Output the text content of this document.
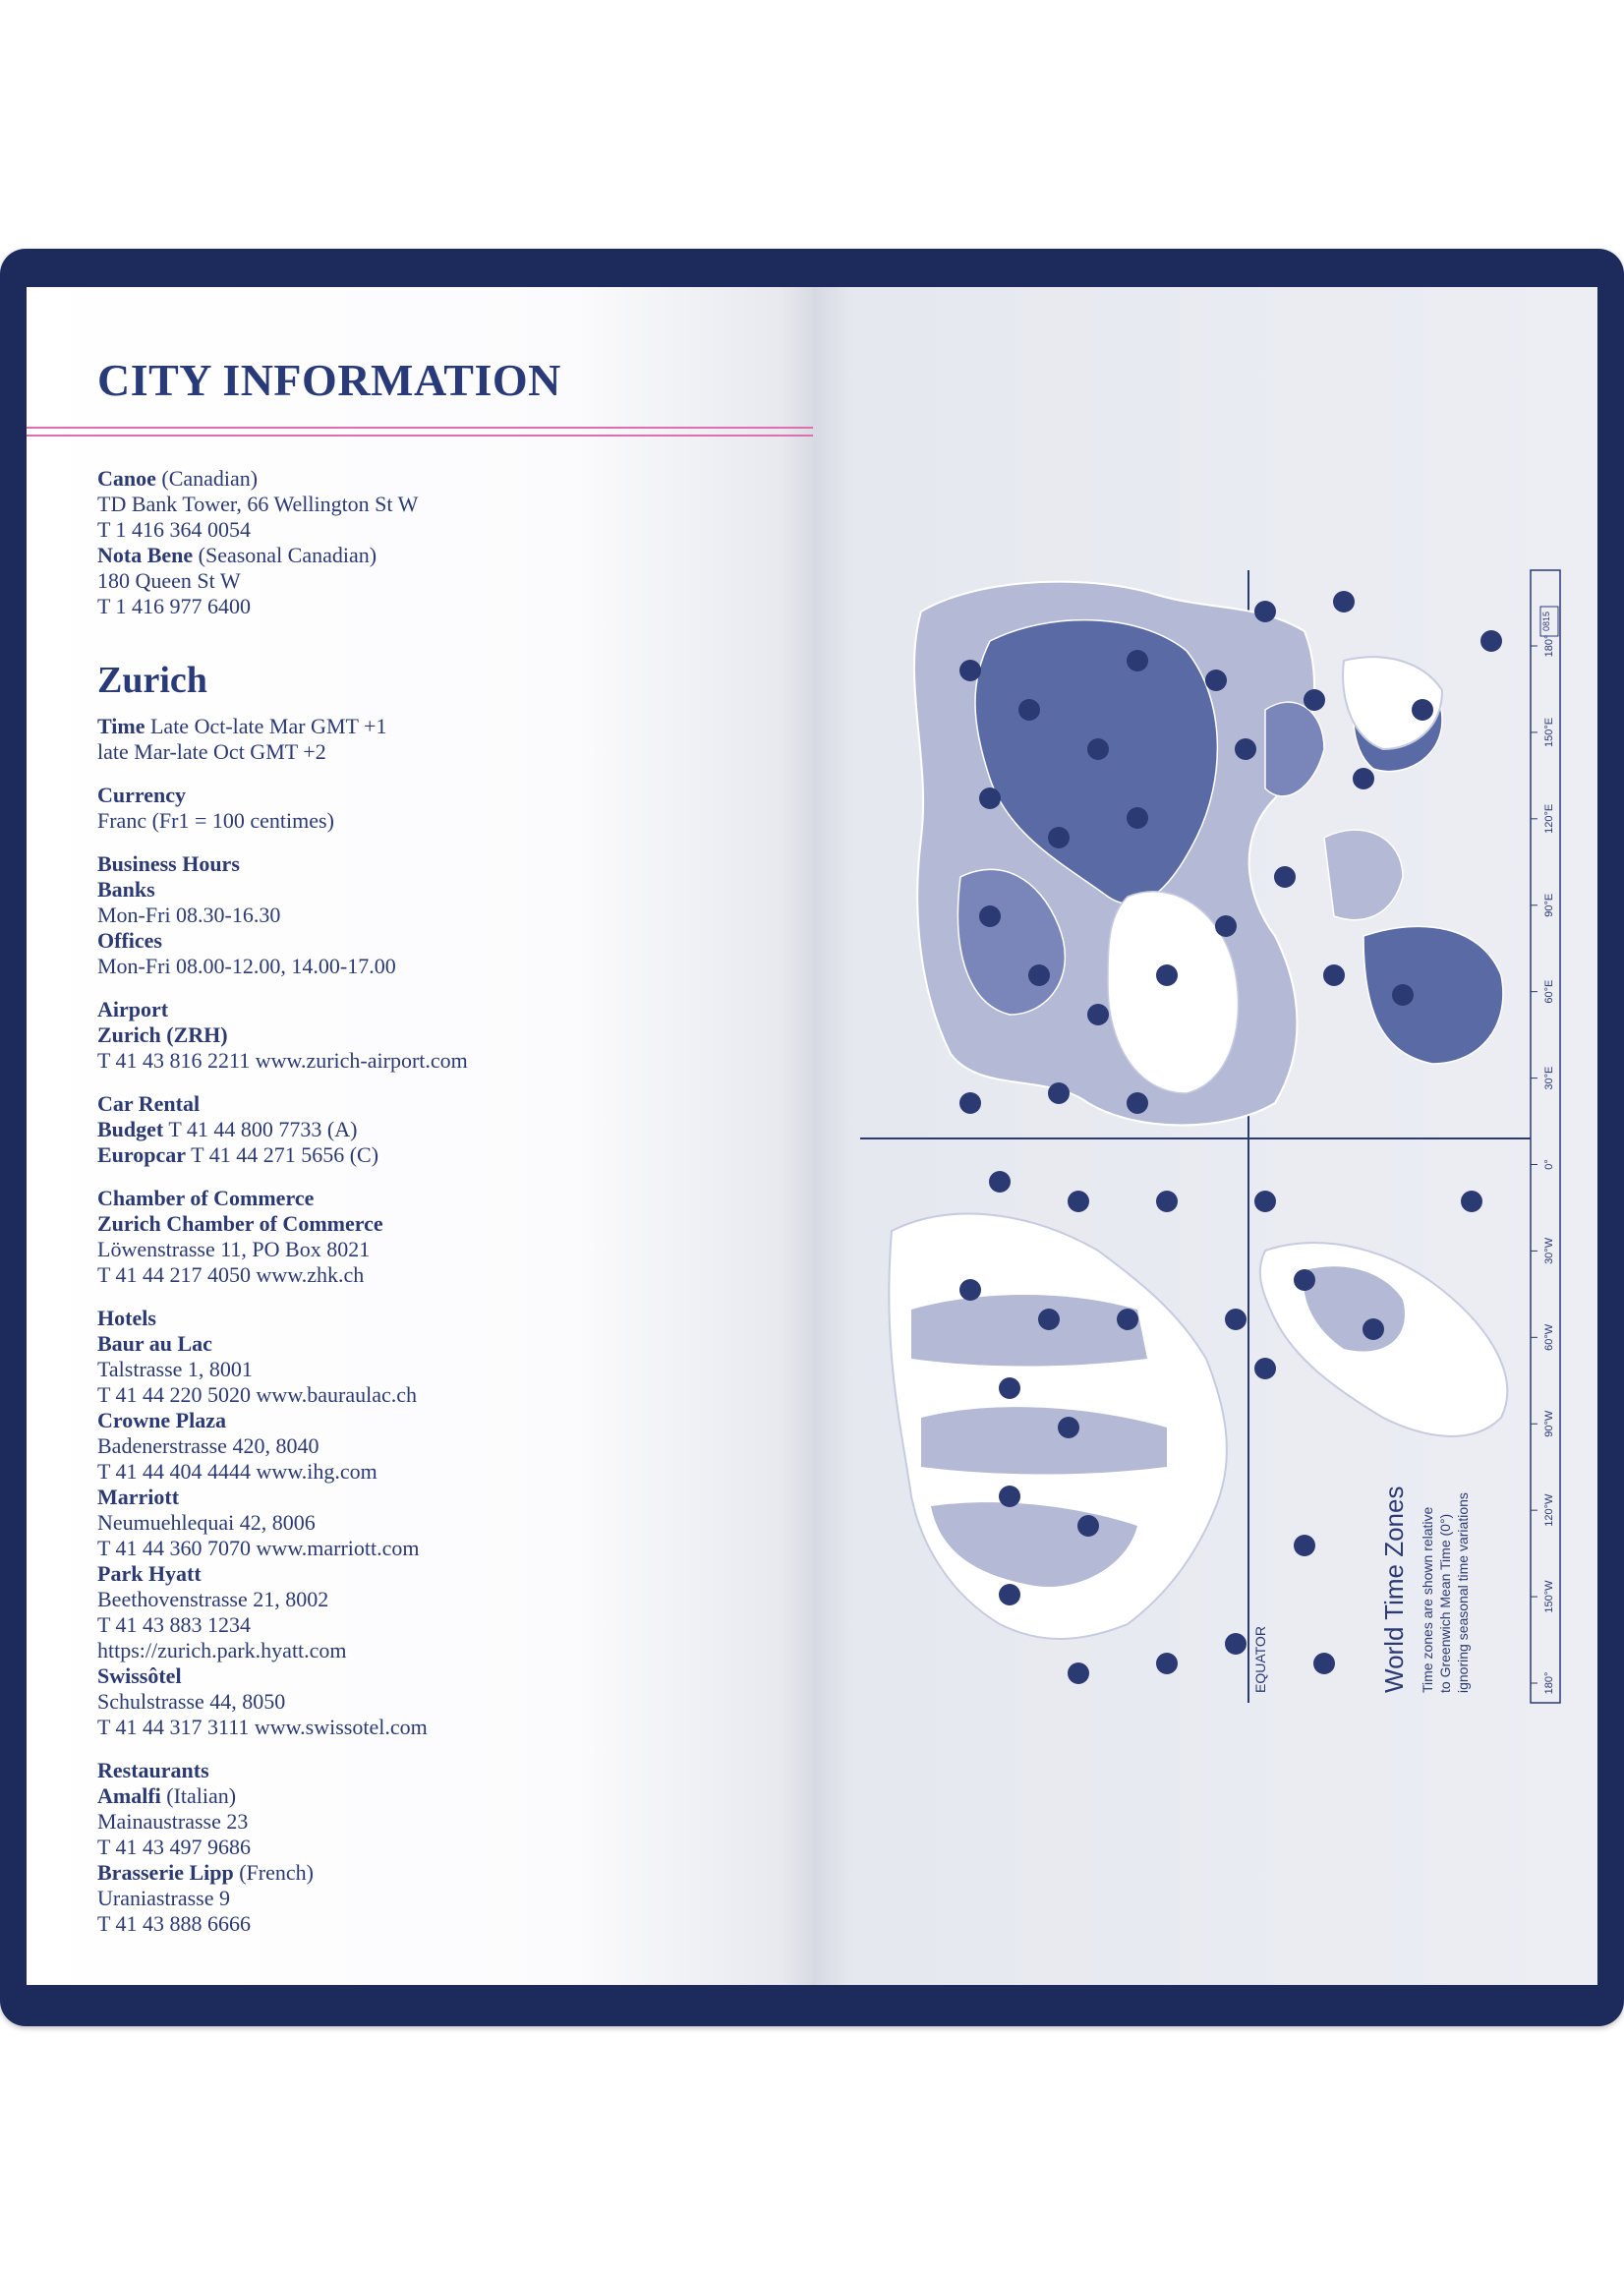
CITY INFORMATION
Canoe (Canadian)
TD Bank Tower, 66 Wellington St W
T 1 416 364 0054
Nota Bene (Seasonal Canadian)
180 Queen St W
T 1 416 977 6400
Zurich
Time Late Oct-late Mar GMT +1
late Mar-late Oct GMT +2
Currency
Franc (Fr1 = 100 centimes)
Business Hours
Banks
Mon-Fri 08.30-16.30
Offices
Mon-Fri 08.00-12.00, 14.00-17.00
Airport
Zurich (ZRH)
T 41 43 816 2211 www.zurich-airport.com
Car Rental
Budget T 41 44 800 7733 (A)
Europcar T 41 44 271 5656 (C)
Chamber of Commerce
Zurich Chamber of Commerce
Löwenstrasse 11, PO Box 8021
T 41 44 217 4050 www.zhk.ch
Hotels
Baur au Lac
Talstrasse 1, 8001
T 41 44 220 5020 www.bauraulac.ch
Crowne Plaza
Badenerstrasse 420, 8040
T 41 44 404 4444 www.ihg.com
Marriott
Neumuehlequai 42, 8006
T 41 44 360 7070 www.marriott.com
Park Hyatt
Beethovenstrasse 21, 8002
T 41 43 883 1234
https://zurich.park.hyatt.com
Swissôtel
Schulstrasse 44, 8050
T 41 44 317 3111 www.swissotel.com
Restaurants
Amalfi (Italian)
Mainaustrasse 23
T 41 43 497 9686
Brasserie Lipp (French)
Uraniastrasse 9
T 41 43 888 6666
180°
150°W
120°W
90°W
60°W
30°W
0°
30°E
60°E
90°E
120°E
150°E
180°
0815
EQUATOR	World Time Zones Time zones are shown relative to Greenwich Mean Time (0°) ignoring seasonal time variations
